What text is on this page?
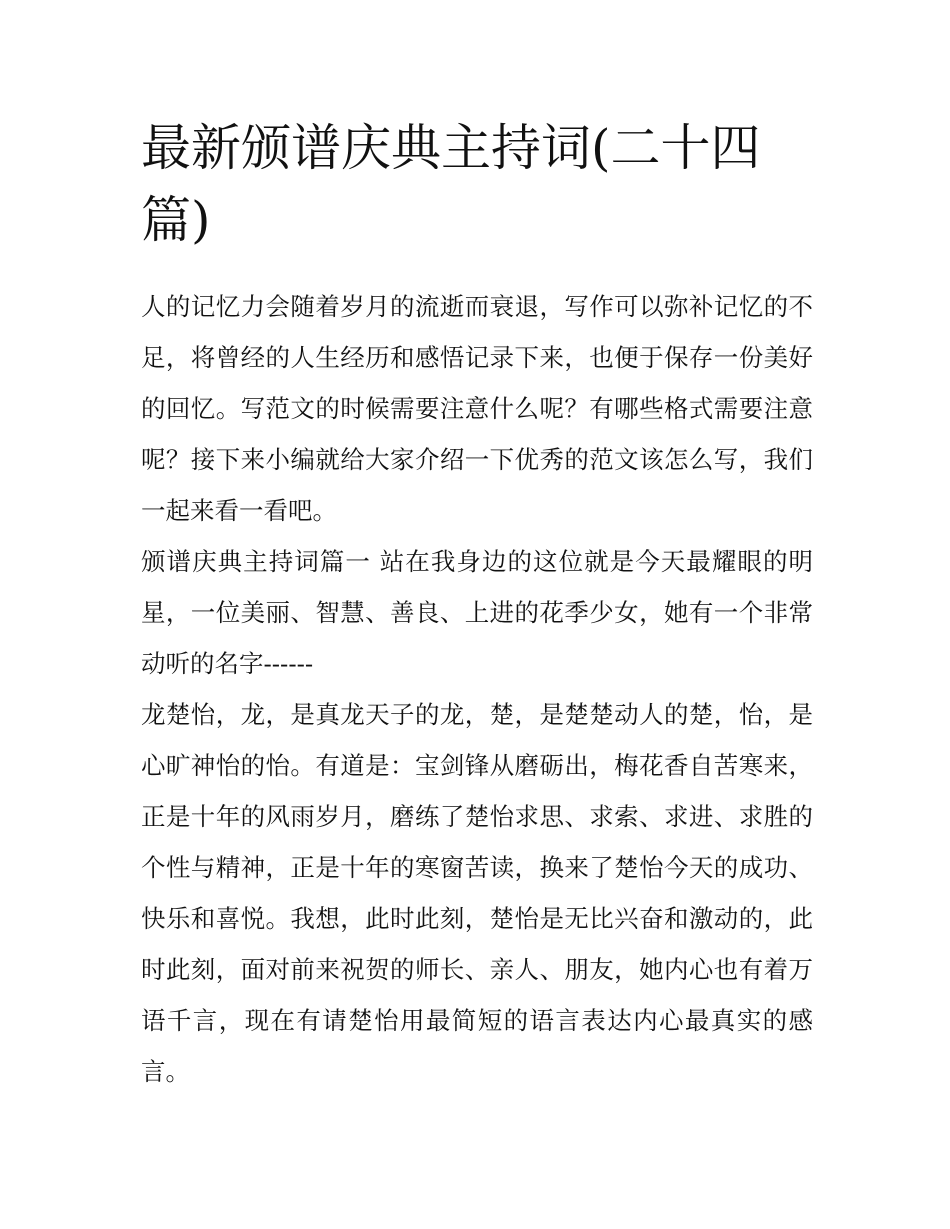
最新颁谱庆典主持词(二十四篇)

人的记忆力会随着岁月的流逝而衰退，写作可以弥补记忆的不足，将曾经的人生经历和感悟记录下来，也便于保存一份美好的回忆。写范文的时候需要注意什么呢？有哪些格式需要注意呢？接下来小编就给大家介绍一下优秀的范文该怎么写，我们一起来看一看吧。

颁谱庆典主持词篇一 站在我身边的这位就是今天最耀眼的明星，一位美丽、智慧、善良、上进的花季少女，她有一个非常动听的名字------

龙楚怡，龙，是真龙天子的龙，楚，是楚楚动人的楚，怡，是心旷神怡的怡。有道是：宝剑锋从磨砺出，梅花香自苦寒来，正是十年的风雨岁月，磨练了楚怡求思、求索、求进、求胜的个性与精神，正是十年的寒窗苦读，换来了楚怡今天的成功、快乐和喜悦。我想，此时此刻，楚怡是无比兴奋和激动的，此时此刻，面对前来祝贺的师长、亲人、朋友，她内心也有着万语千言，现在有请楚怡用最简短的语言表达内心最真实的感言。
